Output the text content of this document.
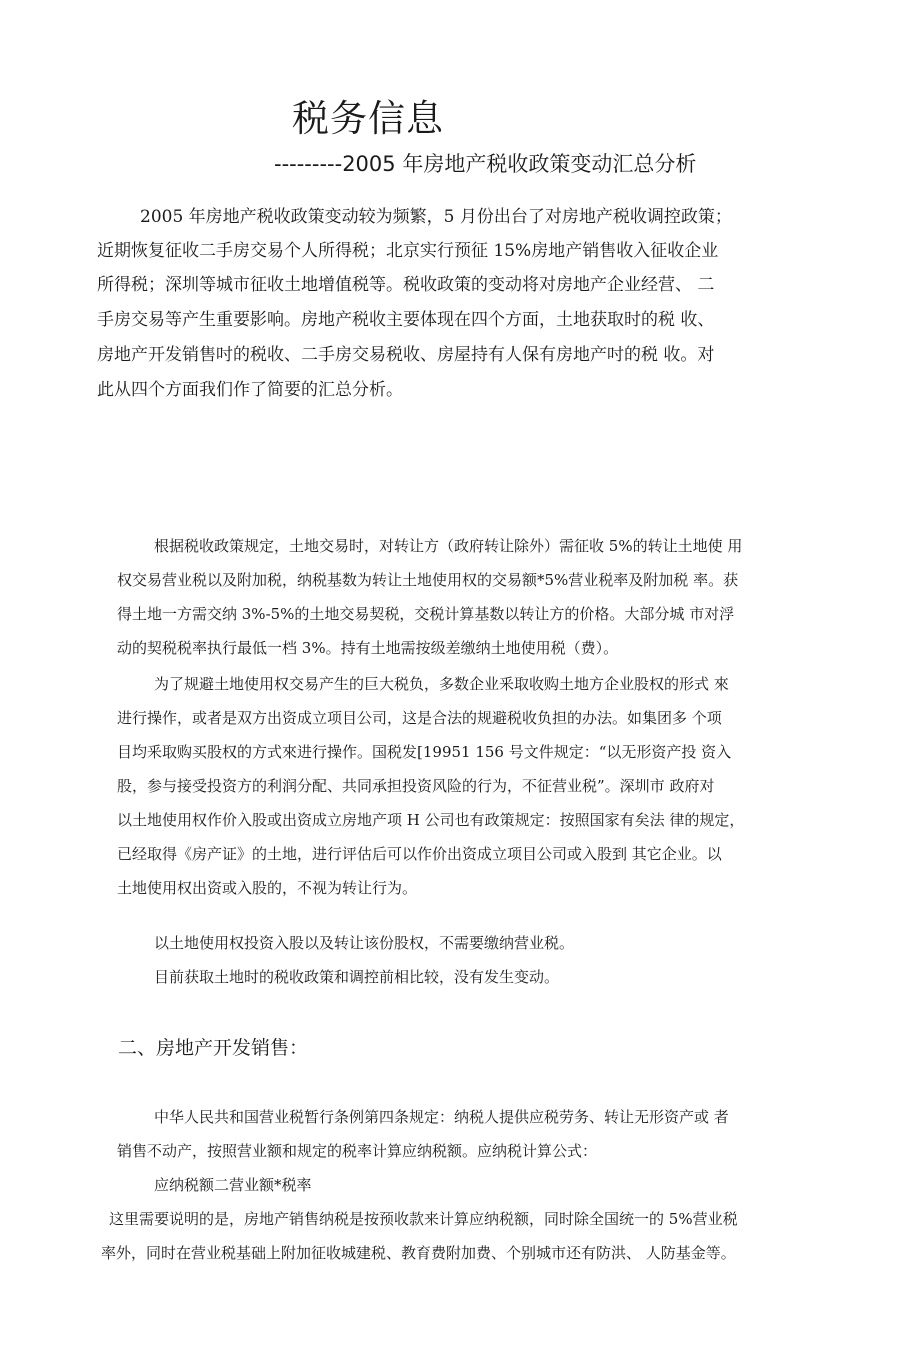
税务信息
---------2005 年房地产税收政策变动汇总分析
2005 年房地产税收政策变动较为频繁，5 月份出台了对房地产税收调控政策；
近期恢复征收二手房交易个人所得税；北京实行预征 15%房地产销售收入征收企业
所得税；深圳等城市征收土地增值税等。税收政策的变动将对房地产企业经营、 二
手房交易等产生重要影响。房地产税收主要体现在四个方面，土地获取时的税 收、
房地产开发销售吋的税收、二手房交易税收、房屋持有人保有房地产吋的税 收。对
此从四个方面我们作了简要的汇总分析。
根据税收政策规定，土地交易时，对转让方（政府转让除外）需征收 5%的转让土地使 用
权交易营业税以及附加税，纳税基数为转让土地使用权的交易额*5%营业税率及附加税 率。获
得土地一方需交纳 3%-5%的土地交易契税，交税计算基数以转让方的价格。大部分城 市对浮
动的契税税率执行最低一档 3%。持有土地需按级差缴纳土地使用税（费）。
为了规避土地使用权交易产生的巨大税负，多数企业釆取收购土地方企业股权的形式 來
进行操作，或者是双方出资成立项目公司，这是合法的规避税收负担的办法。如集团多 个项
目均釆取购买股权的方式來进行操作。国税发[19951 156 号文件规定：“以无形资产投 资入
股，参与接受投资方的利润分配、共同承担投资风险的行为，不征营业税”。深圳市 政府对
以土地使用权作价入股或出资成立房地产项 H 公司也有政策规定：按照国家有矣法 律的规定，
已经取得《房产证》的土地，进行评估后可以作价出资成立项目公司或入股到 其它企业。以
土地使用权出资或入股的，不视为转让行为。
以土地使用权投资入股以及转让该份股权，不需要缴纳营业税。
目前获取土地时的税收政策和调控前相比较，没有发生变动。
二、房地产开发销售：
中华人民共和国营业税暂行条例第四条规定：纳税人提供应税劳务、转让无形资产或 者
销售不动产，按照营业额和规定的税率计算应纳税额。应纳税计算公式：
应纳税额二营业额*税率
这里需要说明的是，房地产销售纳税是按预收款来计算应纳税额，同时除全国统一的 5%营业税
率外，同时在营业税基础上附加征收城建税、教育费附加费、个别城市还有防洪、 人防基金等。
